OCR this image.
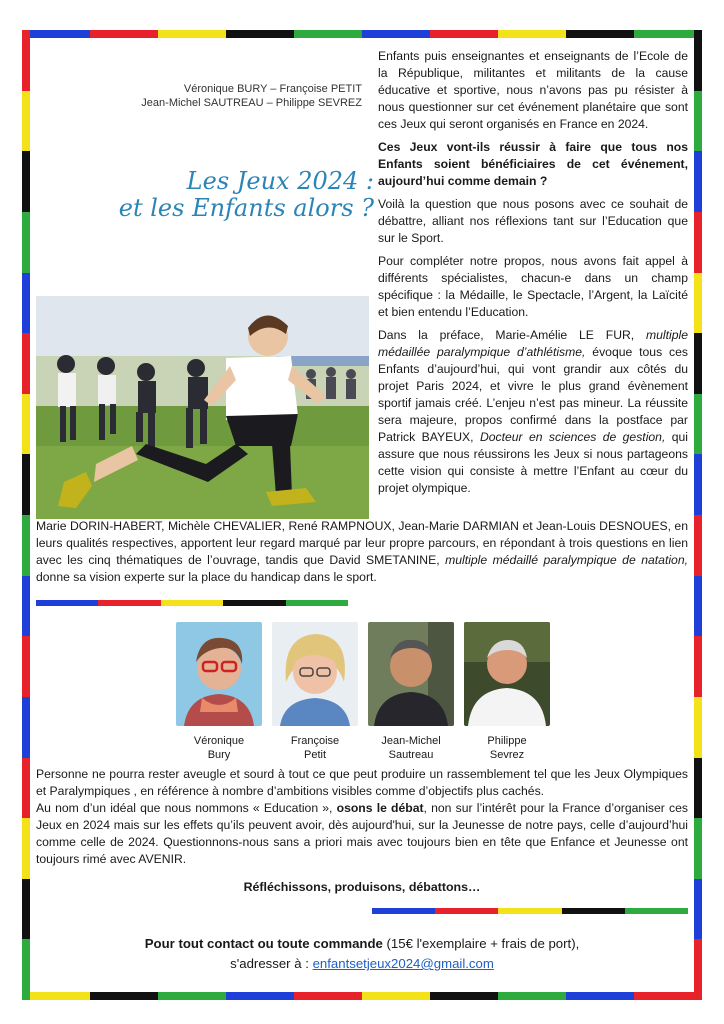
Véronique BURY – Françoise PETIT
Jean-Michel SAUTREAU – Philippe SEVREZ
Les Jeux 2024 :
et les Enfants alors ?

Enfants puis enseignantes et enseignants de l’Ecole de la République, militantes et militants de la cause éducative et sportive, nous n’avons pas pu résister à nous questionner sur cet événement planétaire que sont ces Jeux qui seront organisés en France en 2024.

Ces Jeux vont-ils réussir à faire que tous nos Enfants soient bénéficiaires de cet événement, aujourd’hui comme demain ?

Voilà la question que nous posons avec ce souhait de débattre, alliant nos réflexions tant sur l’Education que sur le Sport.

Pour compléter notre propos, nous avons fait appel à différents spécialistes, chacun-e dans un champ spécifique : la Médaille, le Spectacle, l’Argent, la Laïcité et bien entendu l’Education.

Dans la préface, Marie-Amélie LE FUR, multiple médaillée paralympique d’athlétisme, évoque tous ces Enfants d’aujourd’hui, qui vont grandir aux côtés du projet Paris 2024, et vivre le plus grand évènement sportif jamais créé. L’enjeu n’est pas mineur. La réussite sera majeure, propos confirmé dans la postface par Patrick BAYEUX, Docteur en sciences de gestion, qui assure que nous réussirons les Jeux si nous partageons cette vision qui consiste à mettre l’Enfant au cœur du projet olympique.

Marie DORIN-HABERT, Michèle CHEVALIER, René RAMPNOUX, Jean-Marie DARMIAN et Jean-Louis DESNOUES, en leurs qualités respectives, apportent leur regard marqué par leur propre parcours, en répondant à trois questions en lien avec les cinq thématiques de l’ouvrage, tandis que David SMETANINE, multiple médaillé paralympique de natation, donne sa vision experte sur la place du handicap dans le sport.

Véronique
Bury
Françoise
Petit
Jean-Michel
Sautreau
Philippe
Sevrez

Personne ne pourra rester aveugle et sourd à tout ce que peut produire un rassemblement tel que les Jeux Olympiques et Paralympiques , en référence à nombre d’ambitions visibles comme d’objectifs plus cachés.

Au nom d’un idéal que nous nommons « Education », osons le débat, non sur l’intérêt pour la France d’organiser ces Jeux en 2024 mais sur les effets qu’ils peuvent avoir, dès aujourd'hui, sur la Jeunesse de notre pays, celle d’aujourd’hui comme celle de 2024. Questionnons-nous sans a priori mais avec toujours bien en tête que Enfance et Jeunesse ont toujours rimé avec AVENIR.

Réfléchissons, produisons, débattons…
Pour tout contact ou toute commande (15€ l'exemplaire + frais de port),
s'adresser à : enfantsetjeux2024@gmail.com
